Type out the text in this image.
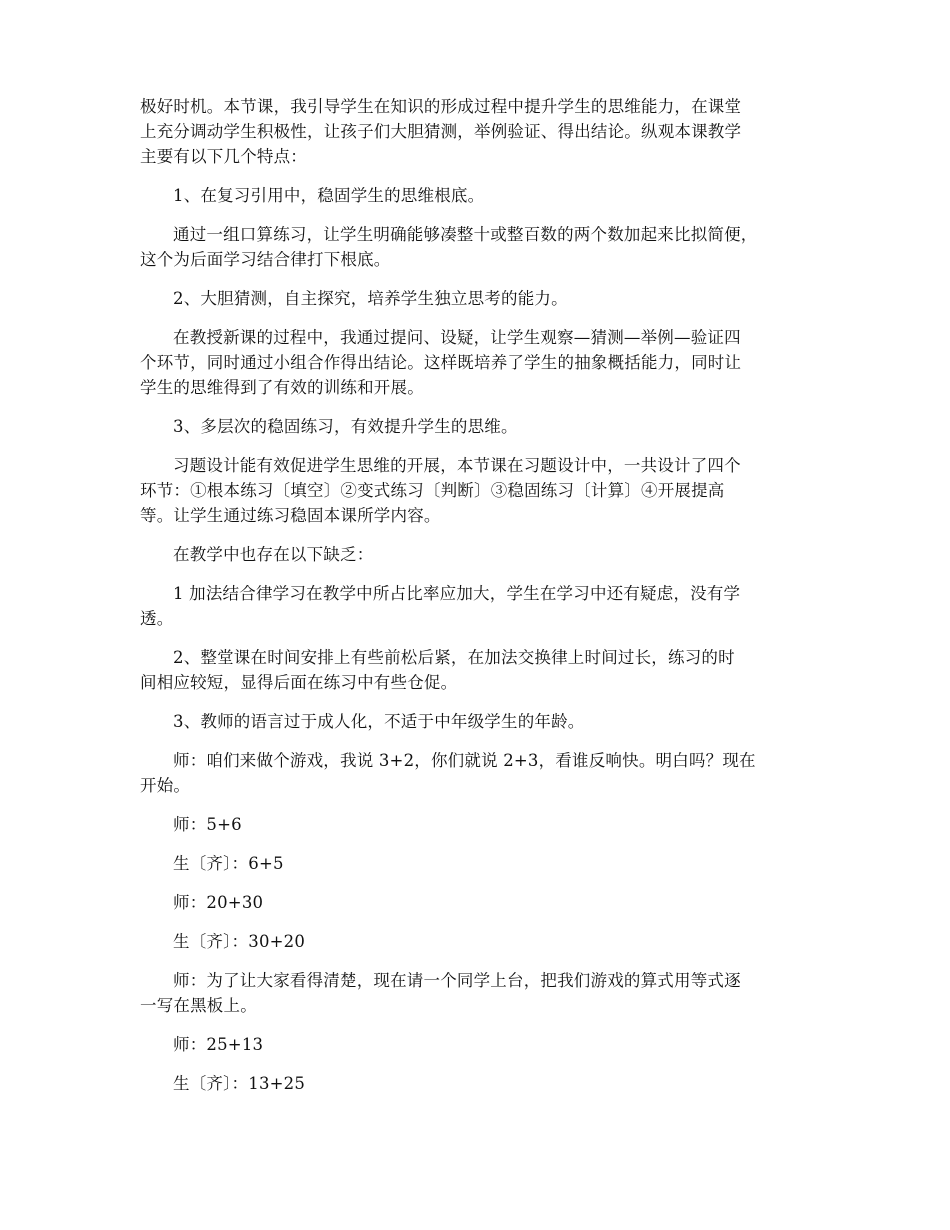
极好时机。本节课，我引导学生在知识的形成过程中提升学生的思维能力，在课堂
上充分调动学生积极性，让孩子们大胆猜测，举例验证、得出结论。纵观本课教学
主要有以下几个特点：

1、在复习引用中，稳固学生的思维根底。

通过一组口算练习，让学生明确能够凑整十或整百数的两个数加起来比拟简便，
这个为后面学习结合律打下根底。

2、大胆猜测，自主探究，培养学生独立思考的能力。

在教授新课的过程中，我通过提问、设疑，让学生观察—猜测—举例—验证四
个环节，同时通过小组合作得出结论。这样既培养了学生的抽象概括能力，同时让
学生的思维得到了有效的训练和开展。

3、多层次的稳固练习，有效提升学生的思维。

习题设计能有效促进学生思维的开展，本节课在习题设计中，一共设计了四个
环节：①根本练习〔填空〕②变式练习〔判断〕③稳固练习〔计算〕④开展提高
等。让学生通过练习稳固本课所学内容。

在教学中也存在以下缺乏：

1 加法结合律学习在教学中所占比率应加大，学生在学习中还有疑虑，没有学
透。

2、整堂课在时间安排上有些前松后紧，在加法交换律上时间过长，练习的时
间相应较短，显得后面在练习中有些仓促。

3、教师的语言过于成人化，不适于中年级学生的年龄。

师：咱们来做个游戏，我说 3+2，你们就说 2+3，看谁反响快。明白吗？现在
开始。

师：5+6

生〔齐〕：6+5

师：20+30

生〔齐〕：30+20

师：为了让大家看得清楚，现在请一个同学上台，把我们游戏的算式用等式逐
一写在黑板上。

师：25+13

生〔齐〕：13+25
